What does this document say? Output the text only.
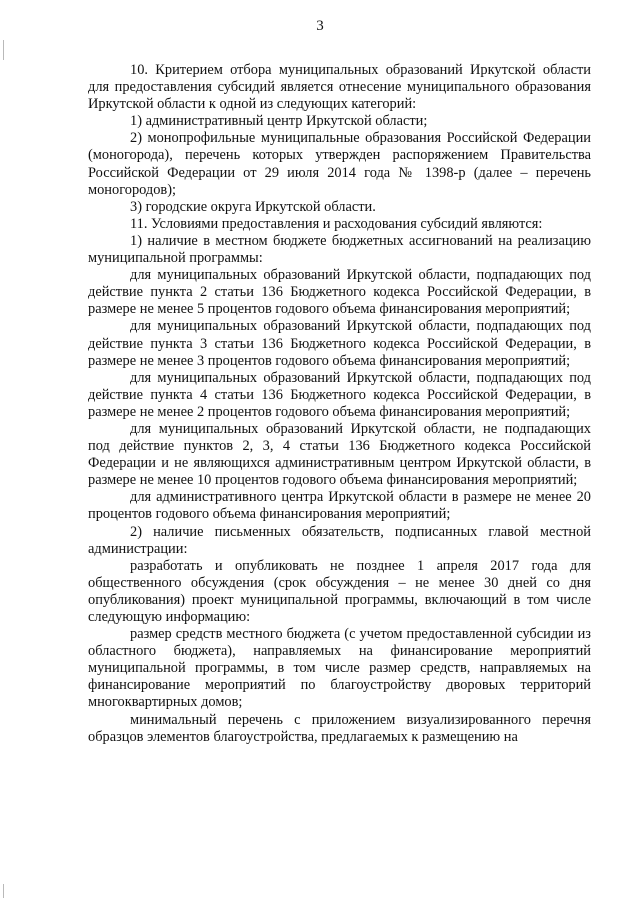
3

10. Критерием отбора муниципальных образований Иркутской области для предоставления субсидий является отнесение муниципального образования Иркутской области к одной из следующих категорий:

1) административный центр Иркутской области;

2) монопрофильные муниципальные образования Российской Федерации (моногорода), перечень которых утвержден распоряжением Правительства Российской Федерации от 29 июля 2014 года № 1398-р (далее – перечень моногородов);

3) городские округа Иркутской области.

11. Условиями предоставления и расходования субсидий являются:

1) наличие в местном бюджете бюджетных ассигнований на реализацию муниципальной программы:

для муниципальных образований Иркутской области, подпадающих под действие пункта 2 статьи 136 Бюджетного кодекса Российской Федерации, в размере не менее 5 процентов годового объема финансирования мероприятий;

для муниципальных образований Иркутской области, подпадающих под действие пункта 3 статьи 136 Бюджетного кодекса Российской Федерации, в размере не менее 3 процентов годового объема финансирования мероприятий;

для муниципальных образований Иркутской области, подпадающих под действие пункта 4 статьи 136 Бюджетного кодекса Российской Федерации, в размере не менее 2 процентов годового объема финансирования мероприятий;

для муниципальных образований Иркутской области, не подпадающих под действие пунктов 2, 3, 4 статьи 136 Бюджетного кодекса Российской Федерации и не являющихся административным центром Иркутской области, в размере не менее 10 процентов годового объема финансирования мероприятий;

для административного центра Иркутской области в размере не менее 20 процентов годового объема финансирования мероприятий;

2) наличие письменных обязательств, подписанных главой местной администрации:

разработать и опубликовать не позднее 1 апреля 2017 года для общественного обсуждения (срок обсуждения – не менее 30 дней со дня опубликования) проект муниципальной программы, включающий в том числе следующую информацию:

размер средств местного бюджета (с учетом предоставленной субсидии из областного бюджета), направляемых на финансирование мероприятий муниципальной программы, в том числе размер средств, направляемых на финансирование мероприятий по благоустройству дворовых территорий многоквартирных домов;

минимальный перечень с приложением визуализированного перечня образцов элементов благоустройства, предлагаемых к размещению на
